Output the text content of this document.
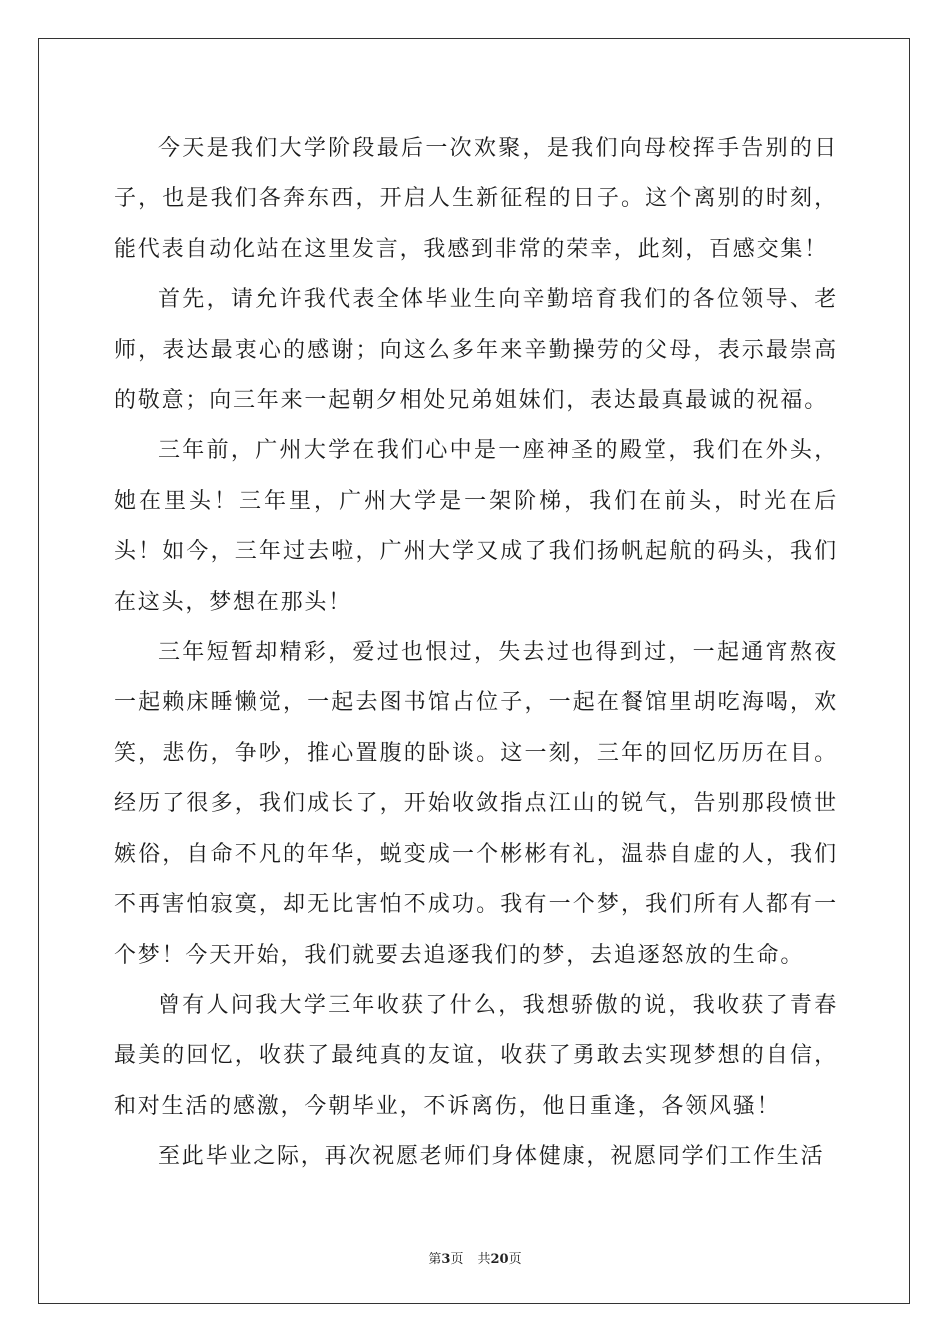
今天是我们大学阶段最后一次欢聚，是我们向母校挥手告别的日子，也是我们各奔东西，开启人生新征程的日子。这个离别的时刻，能代表自动化站在这里发言，我感到非常的荣幸，此刻，百感交集！

首先，请允许我代表全体毕业生向辛勤培育我们的各位领导、老师，表达最衷心的感谢；向这么多年来辛勤操劳的父母，表示最崇高的敬意；向三年来一起朝夕相处兄弟姐妹们，表达最真最诚的祝福。

三年前，广州大学在我们心中是一座神圣的殿堂，我们在外头，她在里头！三年里，广州大学是一架阶梯，我们在前头，时光在后头！如今，三年过去啦，广州大学又成了我们扬帆起航的码头，我们在这头，梦想在那头！

三年短暂却精彩，爱过也恨过，失去过也得到过，一起通宵熬夜一起赖床睡懒觉，一起去图书馆占位子，一起在餐馆里胡吃海喝，欢笑，悲伤，争吵，推心置腹的卧谈。这一刻，三年的回忆历历在目。经历了很多，我们成长了，开始收敛指点江山的锐气，告别那段愤世嫉俗，自命不凡的年华，蜕变成一个彬彬有礼，温恭自虚的人，我们不再害怕寂寞，却无比害怕不成功。我有一个梦，我们所有人都有一个梦！今天开始，我们就要去追逐我们的梦，去追逐怒放的生命。

曾有人问我大学三年收获了什么，我想骄傲的说，我收获了青春最美的回忆，收获了最纯真的友谊，收获了勇敢去实现梦想的自信，和对生活的感激，今朝毕业，不诉离伤，他日重逢，各领风骚！

至此毕业之际，再次祝愿老师们身体健康，祝愿同学们工作生活

第3页 共20页
